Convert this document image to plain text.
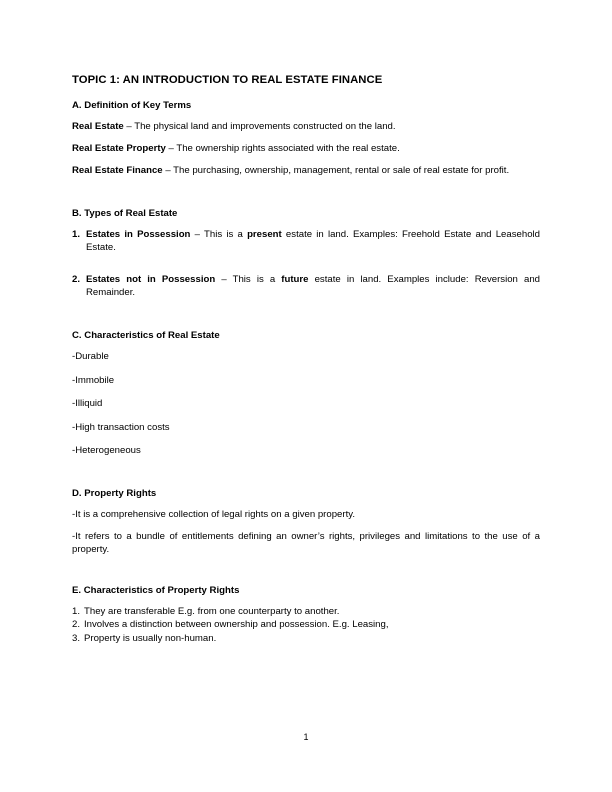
TOPIC 1: AN INTRODUCTION TO REAL ESTATE FINANCE
A. Definition of Key Terms
Real Estate – The physical land and improvements constructed on the land.
Real Estate Property – The ownership rights associated with the real estate.
Real Estate Finance – The purchasing, ownership, management, rental or sale of real estate for profit.
B. Types of Real Estate
1. Estates in Possession – This is a present estate in land. Examples: Freehold Estate and Leasehold Estate.
2. Estates not in Possession – This is a future estate in land. Examples include: Reversion and Remainder.
C. Characteristics of Real Estate
-Durable
-Immobile
-Illiquid
-High transaction costs
-Heterogeneous
D. Property Rights
-It is a comprehensive collection of legal rights on a given property.
-It refers to a bundle of entitlements defining an owner’s rights, privileges and limitations to the use of a property.
E. Characteristics of Property Rights
1. They are transferable E.g. from one counterparty to another.
2. Involves a distinction between ownership and possession. E.g. Leasing,
3. Property is usually non-human.
1
